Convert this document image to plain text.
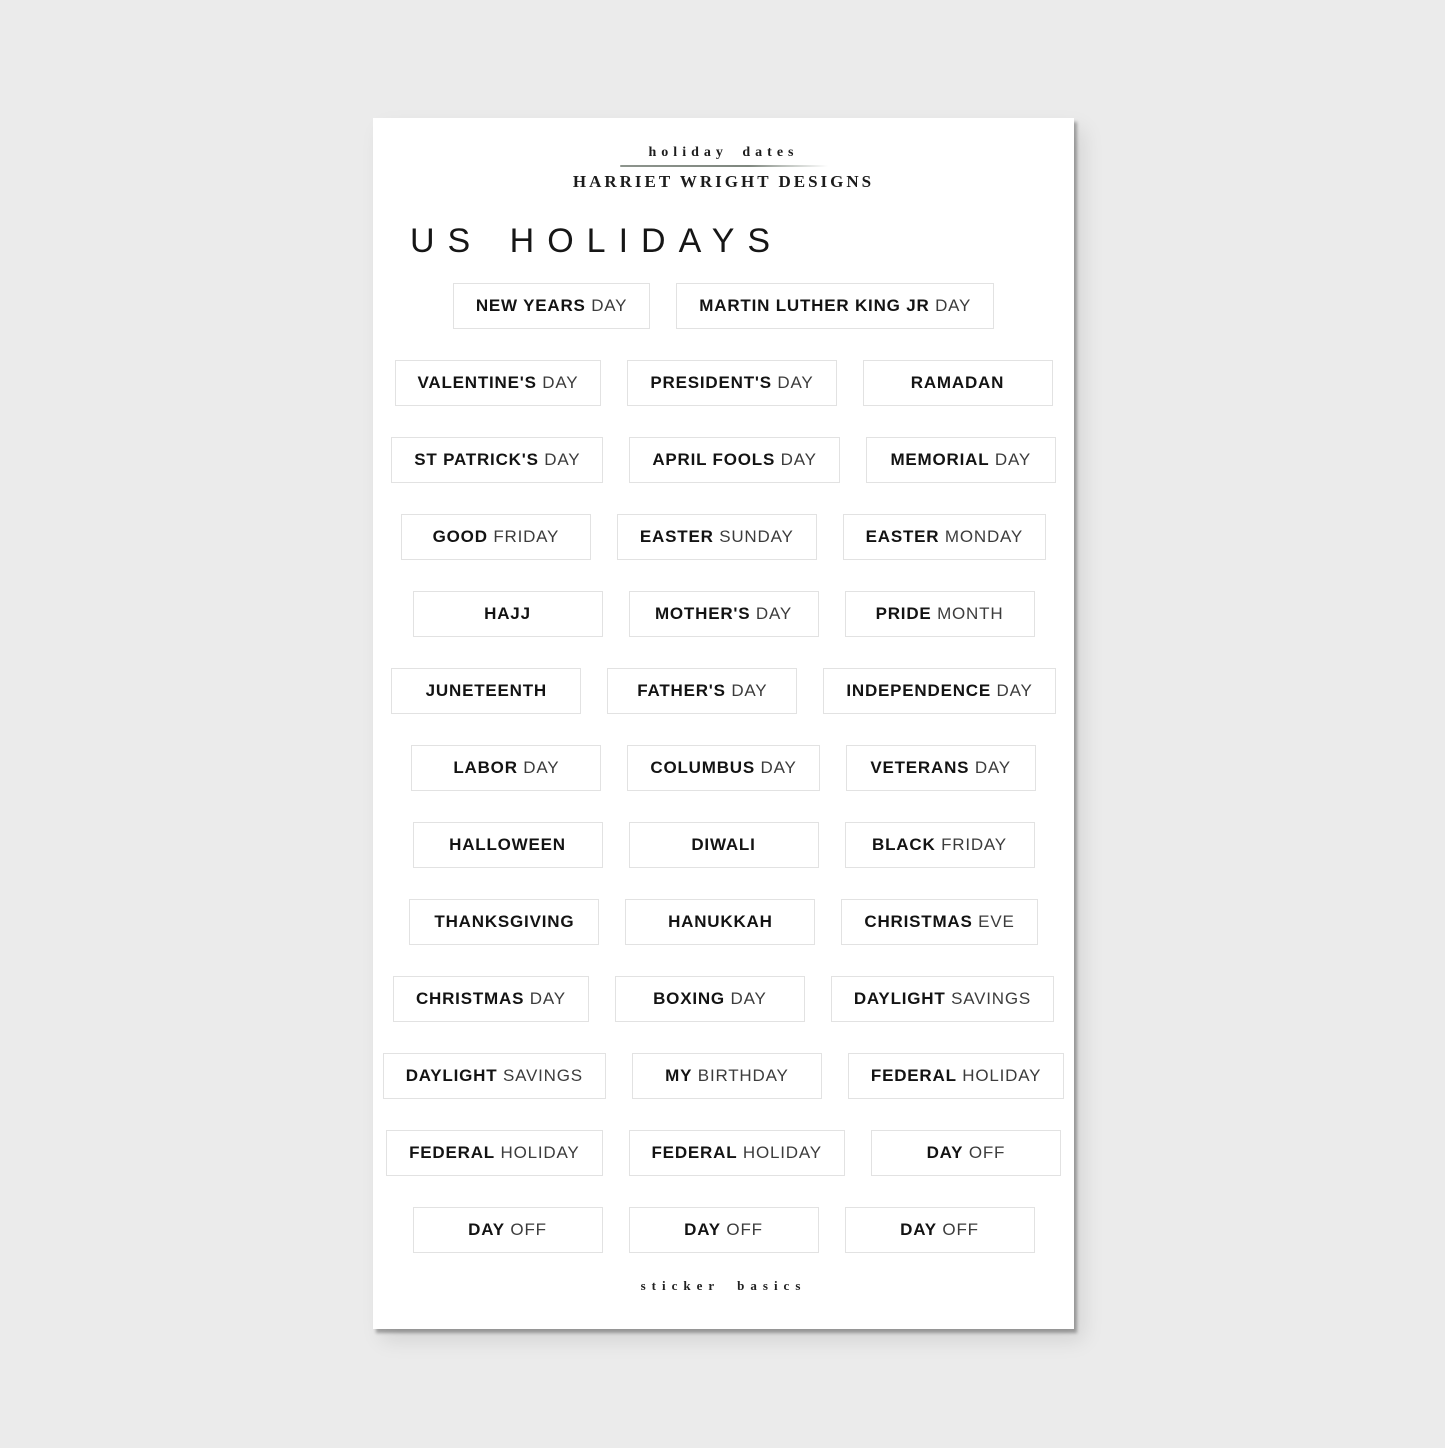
holiday dates
HARRIET WRIGHT DESIGNS
US HOLIDAYS
NEW YEARS DAY	MARTIN LUTHER KING JR DAY
VALENTINE'S DAY	PRESIDENT'S DAY	RAMADAN
ST PATRICK'S DAY	APRIL FOOLS DAY	MEMORIAL DAY
GOOD FRIDAY	EASTER SUNDAY	EASTER MONDAY
HAJJ	MOTHER'S DAY	PRIDE MONTH
JUNETEENTH	FATHER'S DAY	INDEPENDENCE DAY
LABOR DAY	COLUMBUS DAY	VETERANS DAY
HALLOWEEN	DIWALI	BLACK FRIDAY
THANKSGIVING	HANUKKAH	CHRISTMAS EVE
CHRISTMAS DAY	BOXING DAY	DAYLIGHT SAVINGS
DAYLIGHT SAVINGS	MY BIRTHDAY	FEDERAL HOLIDAY
FEDERAL HOLIDAY	FEDERAL HOLIDAY	DAY OFF
DAY OFF	DAY OFF	DAY OFF
sticker basics
